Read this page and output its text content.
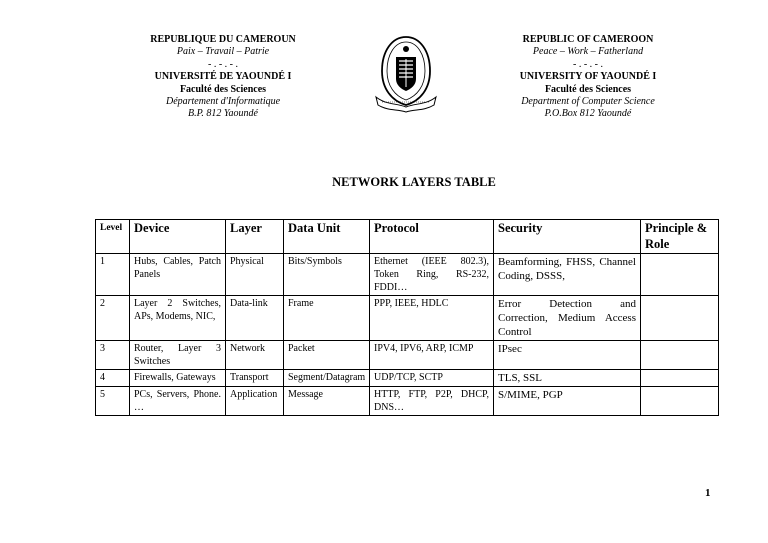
REPUBLIQUE DU CAMEROUN
Paix – Travail – Patrie
- . - . - .
UNIVERSITÉ DE YAOUNDÉ I
Faculté des Sciences
Département d'Informatique
B.P. 812 Yaoundé
REPUBLIC OF CAMEROON
Peace – Work – Fatherland
- . - . - .
UNIVERSITY OF YAOUNDÉ I
Faculté des Sciences
Department of Computer Science
P.O.Box 812 Yaoundé
NETWORK LAYERS TABLE
Level	Device	Layer	Data Unit	Protocol	Security	Principle & Role
1	Hubs, Cables, Patch Panels	Physical	Bits/Symbols	Ethernet (IEEE 802.3), Token Ring, RS-232, FDDI…	Beamforming, FHSS, Channel Coding, DSSS,	
2	Layer 2 Switches, APs, Modems, NIC,	Data-link	Frame	PPP, IEEE, HDLC	Error Detection and Correction, Medium Access Control	
3	Router, Layer 3 Switches	Network	Packet	IPV4, IPV6, ARP, ICMP	IPsec	
4	Firewalls, Gateways	Transport	Segment/Datagram	UDP/TCP, SCTP	TLS, SSL	
5	PCs, Servers, Phone. …	Application	Message	HTTP, FTP, P2P, DHCP, DNS…	S/MIME, PGP	
1
